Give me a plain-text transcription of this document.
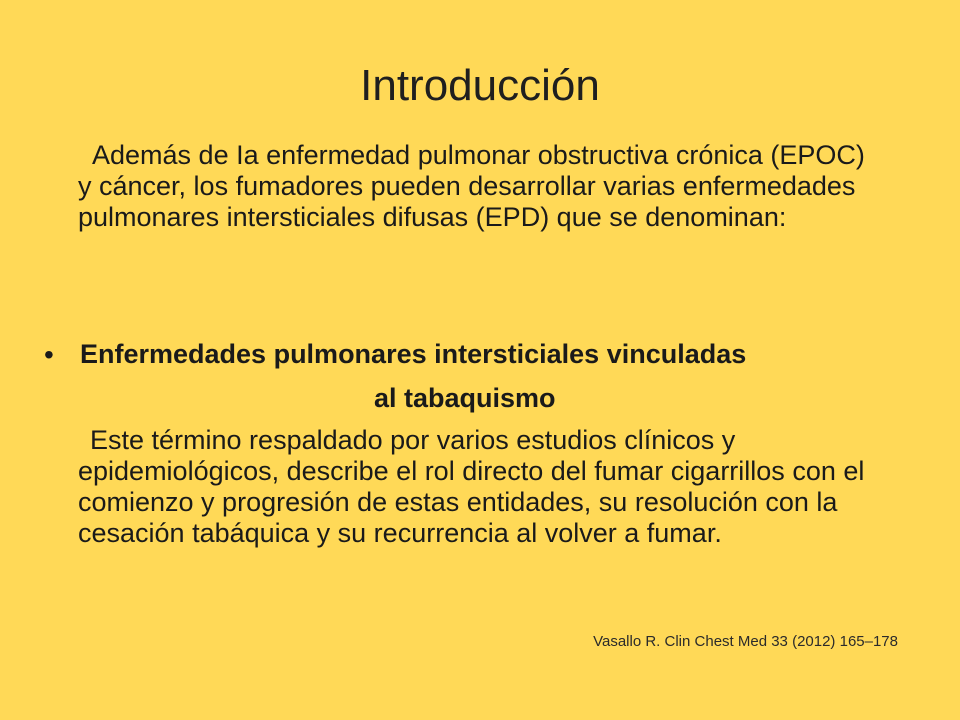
Introducción

Además de Ia enfermedad pulmonar obstructiva crónica (EPOC) y cáncer, los fumadores pueden desarrollar varias enfermedades pulmonares intersticiales difusas (EPD) que se denominan:

• Enfermedades pulmonares intersticiales vinculadas
al tabaquismo

Este término respaldado por varios estudios clínicos y epidemiológicos, describe el rol directo del fumar cigarrillos con el comienzo y progresión de estas entidades, su resolución con la cesación tabáquica y su recurrencia al volver a fumar.

Vasallo R. Clin Chest Med 33 (2012) 165–178
